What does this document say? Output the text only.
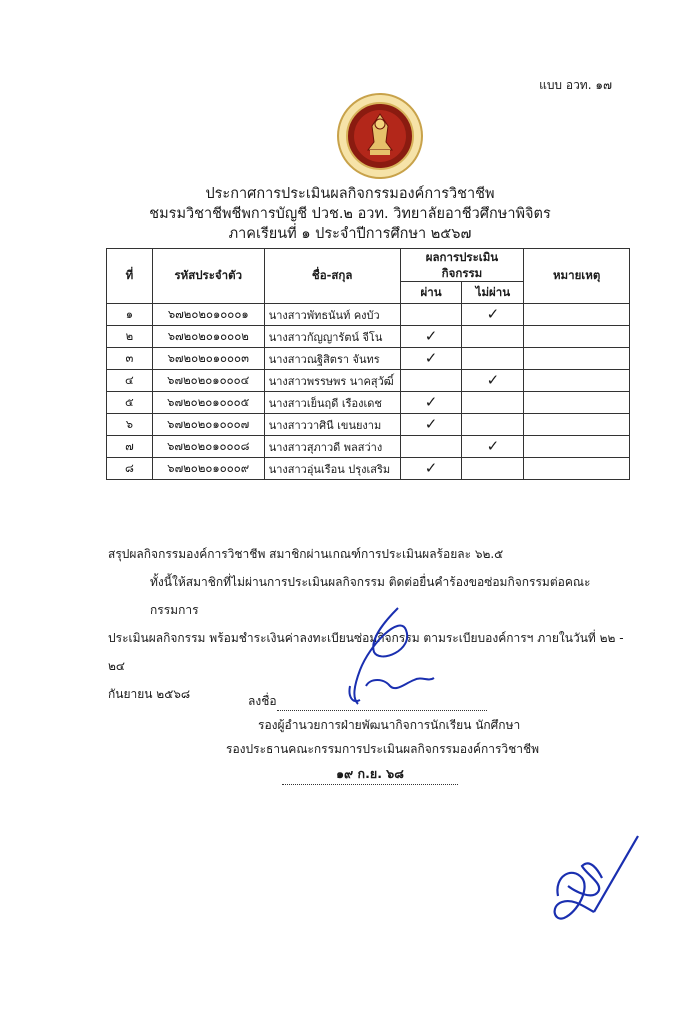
แบบ อวท. ๑๗
ประกาศการประเมินผลกิจกรรมองค์การวิชาชีพ
ชมรมวิชาชีพชีพการบัญชี ปวช.๒ อวท. วิทยาลัยอาชีวศึกษาพิจิตร
ภาคเรียนที่ ๑ ประจำปีการศึกษา ๒๕๖๗
ที่	รหัสประจำตัว	ชื่อ-สกุล	ผลการประเมิน
กิจกรรม		หมายเหตุ
			ผ่าน	ไม่ผ่าน	
๑	๖๗๒๐๒๐๑๐๐๐๑	นางสาวพัทธนันท์ คงบัว		✓	
๒	๖๗๒๐๒๐๑๐๐๐๒	นางสาวกัญญารัตน์ จีโน	✓		
๓	๖๗๒๐๒๐๑๐๐๐๓	นางสาวณฐิสิตรา จันทร	✓		
๔	๖๗๒๐๒๐๑๐๐๐๔	นางสาวพรรษพร นาคสุวัฒิ์		✓	
๕	๖๗๒๐๒๐๑๐๐๐๕	นางสาวเย็นฤดี เรืองเดช	✓		
๖	๖๗๒๐๒๐๑๐๐๐๗	นางสาววาศินี เขนยงาม	✓		
๗	๖๗๒๐๒๐๑๐๐๐๘	นางสาวสุภาวดี พลสว่าง		✓	
๘	๖๗๒๐๒๐๑๐๐๐๙	นางสาวอุ่นเรือน ปรุงเสริม	✓		

สรุปผลกิจกรรมองค์การวิชาชีพ สมาชิกผ่านเกณฑ์การประเมินผลร้อยละ ๖๒.๕

ทั้งนี้ให้สมาชิกที่ไม่ผ่านการประเมินผลกิจกรรม ติดต่อยื่นคำร้องขอซ่อมกิจกรรมต่อคณะกรรมการ

ประเมินผลกิจกรรม พร้อมชำระเงินค่าลงทะเบียนซ่อมกิจกรรม ตามระเบียบองค์การฯ ภายในวันที่ ๒๒ - ๒๔

กันยายน ๒๕๖๘	ลงชื่อ
รองผู้อำนวยการฝ่ายพัฒนากิจการนักเรียน นักศึกษา
รองประธานคณะกรรมการประเมินผลกิจกรรมองค์การวิชาชีพ
๑๙ ก.ย. ๖๘
